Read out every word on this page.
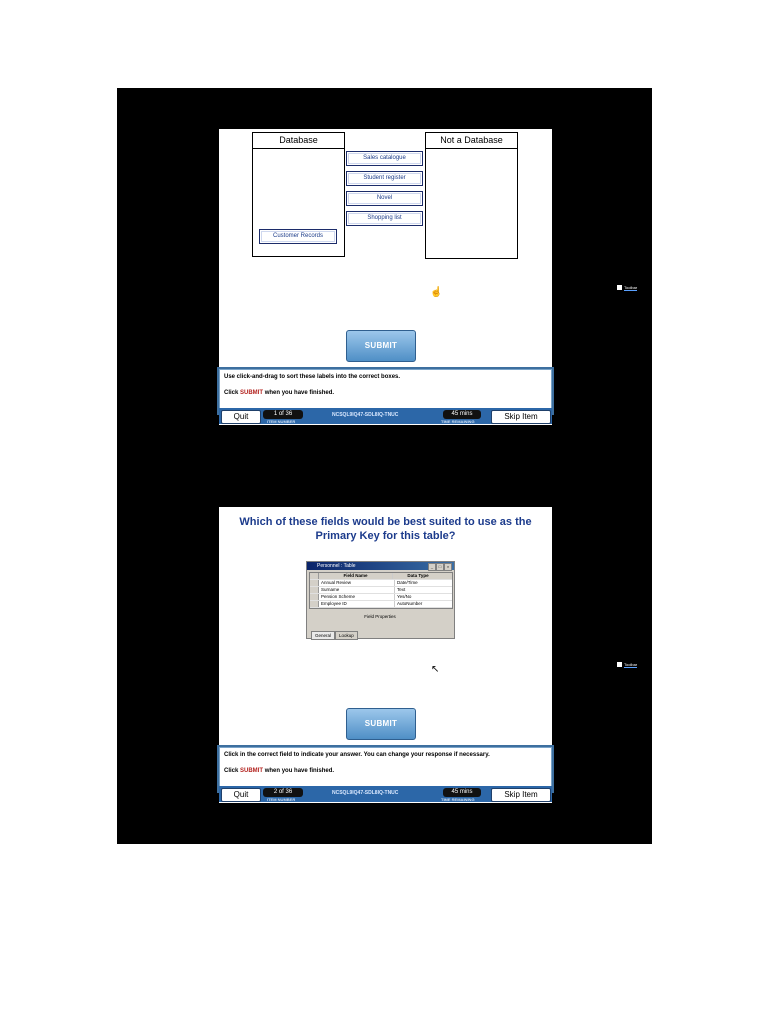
Database
Customer Records
Not a Database
Sales catalogue
Student register
Novel
Shopping list
☝
SUBMIT
Use click-and-drag to sort these labels into the correct boxes.
Click SUBMIT when you have finished.
Quit	1 of 36
ITEM NUMBER
NCSQL9IQ47-SDL8IQ-TNUC	45 mins
TIME REMAINING
Skip Item
Toolbar
Which of these fields would be best suited to use as the Primary Key for this table?
Personnel : Table	_	□	×
Field Name	Data Type
Annual Review	Date/Time
Surname	Text
Pension Scheme	Yes/No
Employee ID	AutoNumber
Field Properties
General Lookup
↖
SUBMIT
Click in the correct field to indicate your answer. You can change your response if necessary.
Click SUBMIT when you have finished.
Quit	2 of 36
ITEM NUMBER
NCSQL9IQ47-SDL8IQ-TNUC	45 mins
TIME REMAINING
Skip Item
Toolbar
